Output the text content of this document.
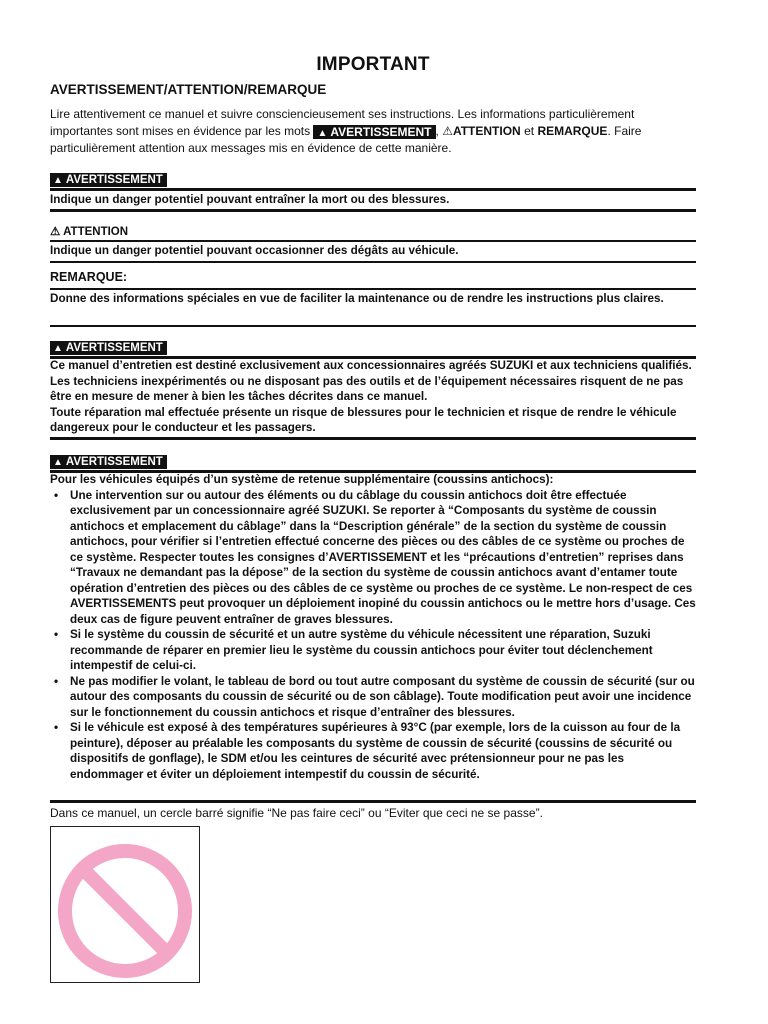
IMPORTANT
AVERTISSEMENT/ATTENTION/REMARQUE
Lire attentivement ce manuel et suivre consciencieusement ses instructions. Les informations particulièrement importantes sont mises en évidence par les mots ▲ AVERTISSEMENT , ⚠ATTENTION et REMARQUE. Faire particulièrement attention aux messages mis en évidence de cette manière.
▲ AVERTISSEMENT
Indique un danger potentiel pouvant entraîner la mort ou des blessures.
⚠ ATTENTION
Indique un danger potentiel pouvant occasionner des dégâts au véhicule.
REMARQUE:
Donne des informations spéciales en vue de faciliter la maintenance ou de rendre les instructions plus claires.
▲ AVERTISSEMENT
Ce manuel d’entretien est destiné exclusivement aux concessionnaires agréés SUZUKI et aux techniciens qualifiés. Les techniciens inexpérimentés ou ne disposant pas des outils et de l’équipement nécessaires risquent de ne pas être en mesure de mener à bien les tâches décrites dans ce manuel.
Toute réparation mal effectuée présente un risque de blessures pour le technicien et risque de rendre le véhicule dangereux pour le conducteur et les passagers.
▲ AVERTISSEMENT
Pour les véhicules équipés d’un système de retenue supplémentaire (coussins antichocs):
• Une intervention sur ou autour des éléments ou du câblage du coussin antichocs doit être effectuée exclusivement par un concessionnaire agréé SUZUKI. Se reporter à “Composants du système de coussin antichocs et emplacement du câblage” dans la “Description générale” de la section du système de coussin antichocs, pour vérifier si l’entretien effectué concerne des pièces ou des câbles de ce système ou proches de ce système. Respecter toutes les consignes d’AVERTISSEMENT et les “précautions d’entretien” reprises dans “Travaux ne demandant pas la dépose” de la section du système de coussin antichocs avant d’entamer toute opération d’entretien des pièces ou des câbles de ce système ou proches de ce système. Le non-respect de ces AVERTISSEMENTS peut provoquer un déploiement inopiné du coussin antichocs ou le mettre hors d’usage. Ces deux cas de figure peuvent entraîner de graves blessures.
• Si le système du coussin de sécurité et un autre système du véhicule nécessitent une réparation, Suzuki recommande de réparer en premier lieu le système du coussin antichocs pour éviter tout déclenchement intempestif de celui-ci.
• Ne pas modifier le volant, le tableau de bord ou tout autre composant du système de coussin de sécurité (sur ou autour des composants du coussin de sécurité ou de son câblage). Toute modification peut avoir une incidence sur le fonctionnement du coussin antichocs et risque d’entraîner des blessures.
• Si le véhicule est exposé à des températures supérieures à 93°C (par exemple, lors de la cuisson au four de la peinture), déposer au préalable les composants du système de coussin de sécurité (coussins de sécurité ou dispositifs de gonflage), le SDM et/ou les ceintures de sécurité avec prétensionneur pour ne pas les endommager et éviter un déploiement intempestif du coussin de sécurité.
Dans ce manuel, un cercle barré signifie “Ne pas faire ceci” ou “Eviter que ceci ne se passe”.
